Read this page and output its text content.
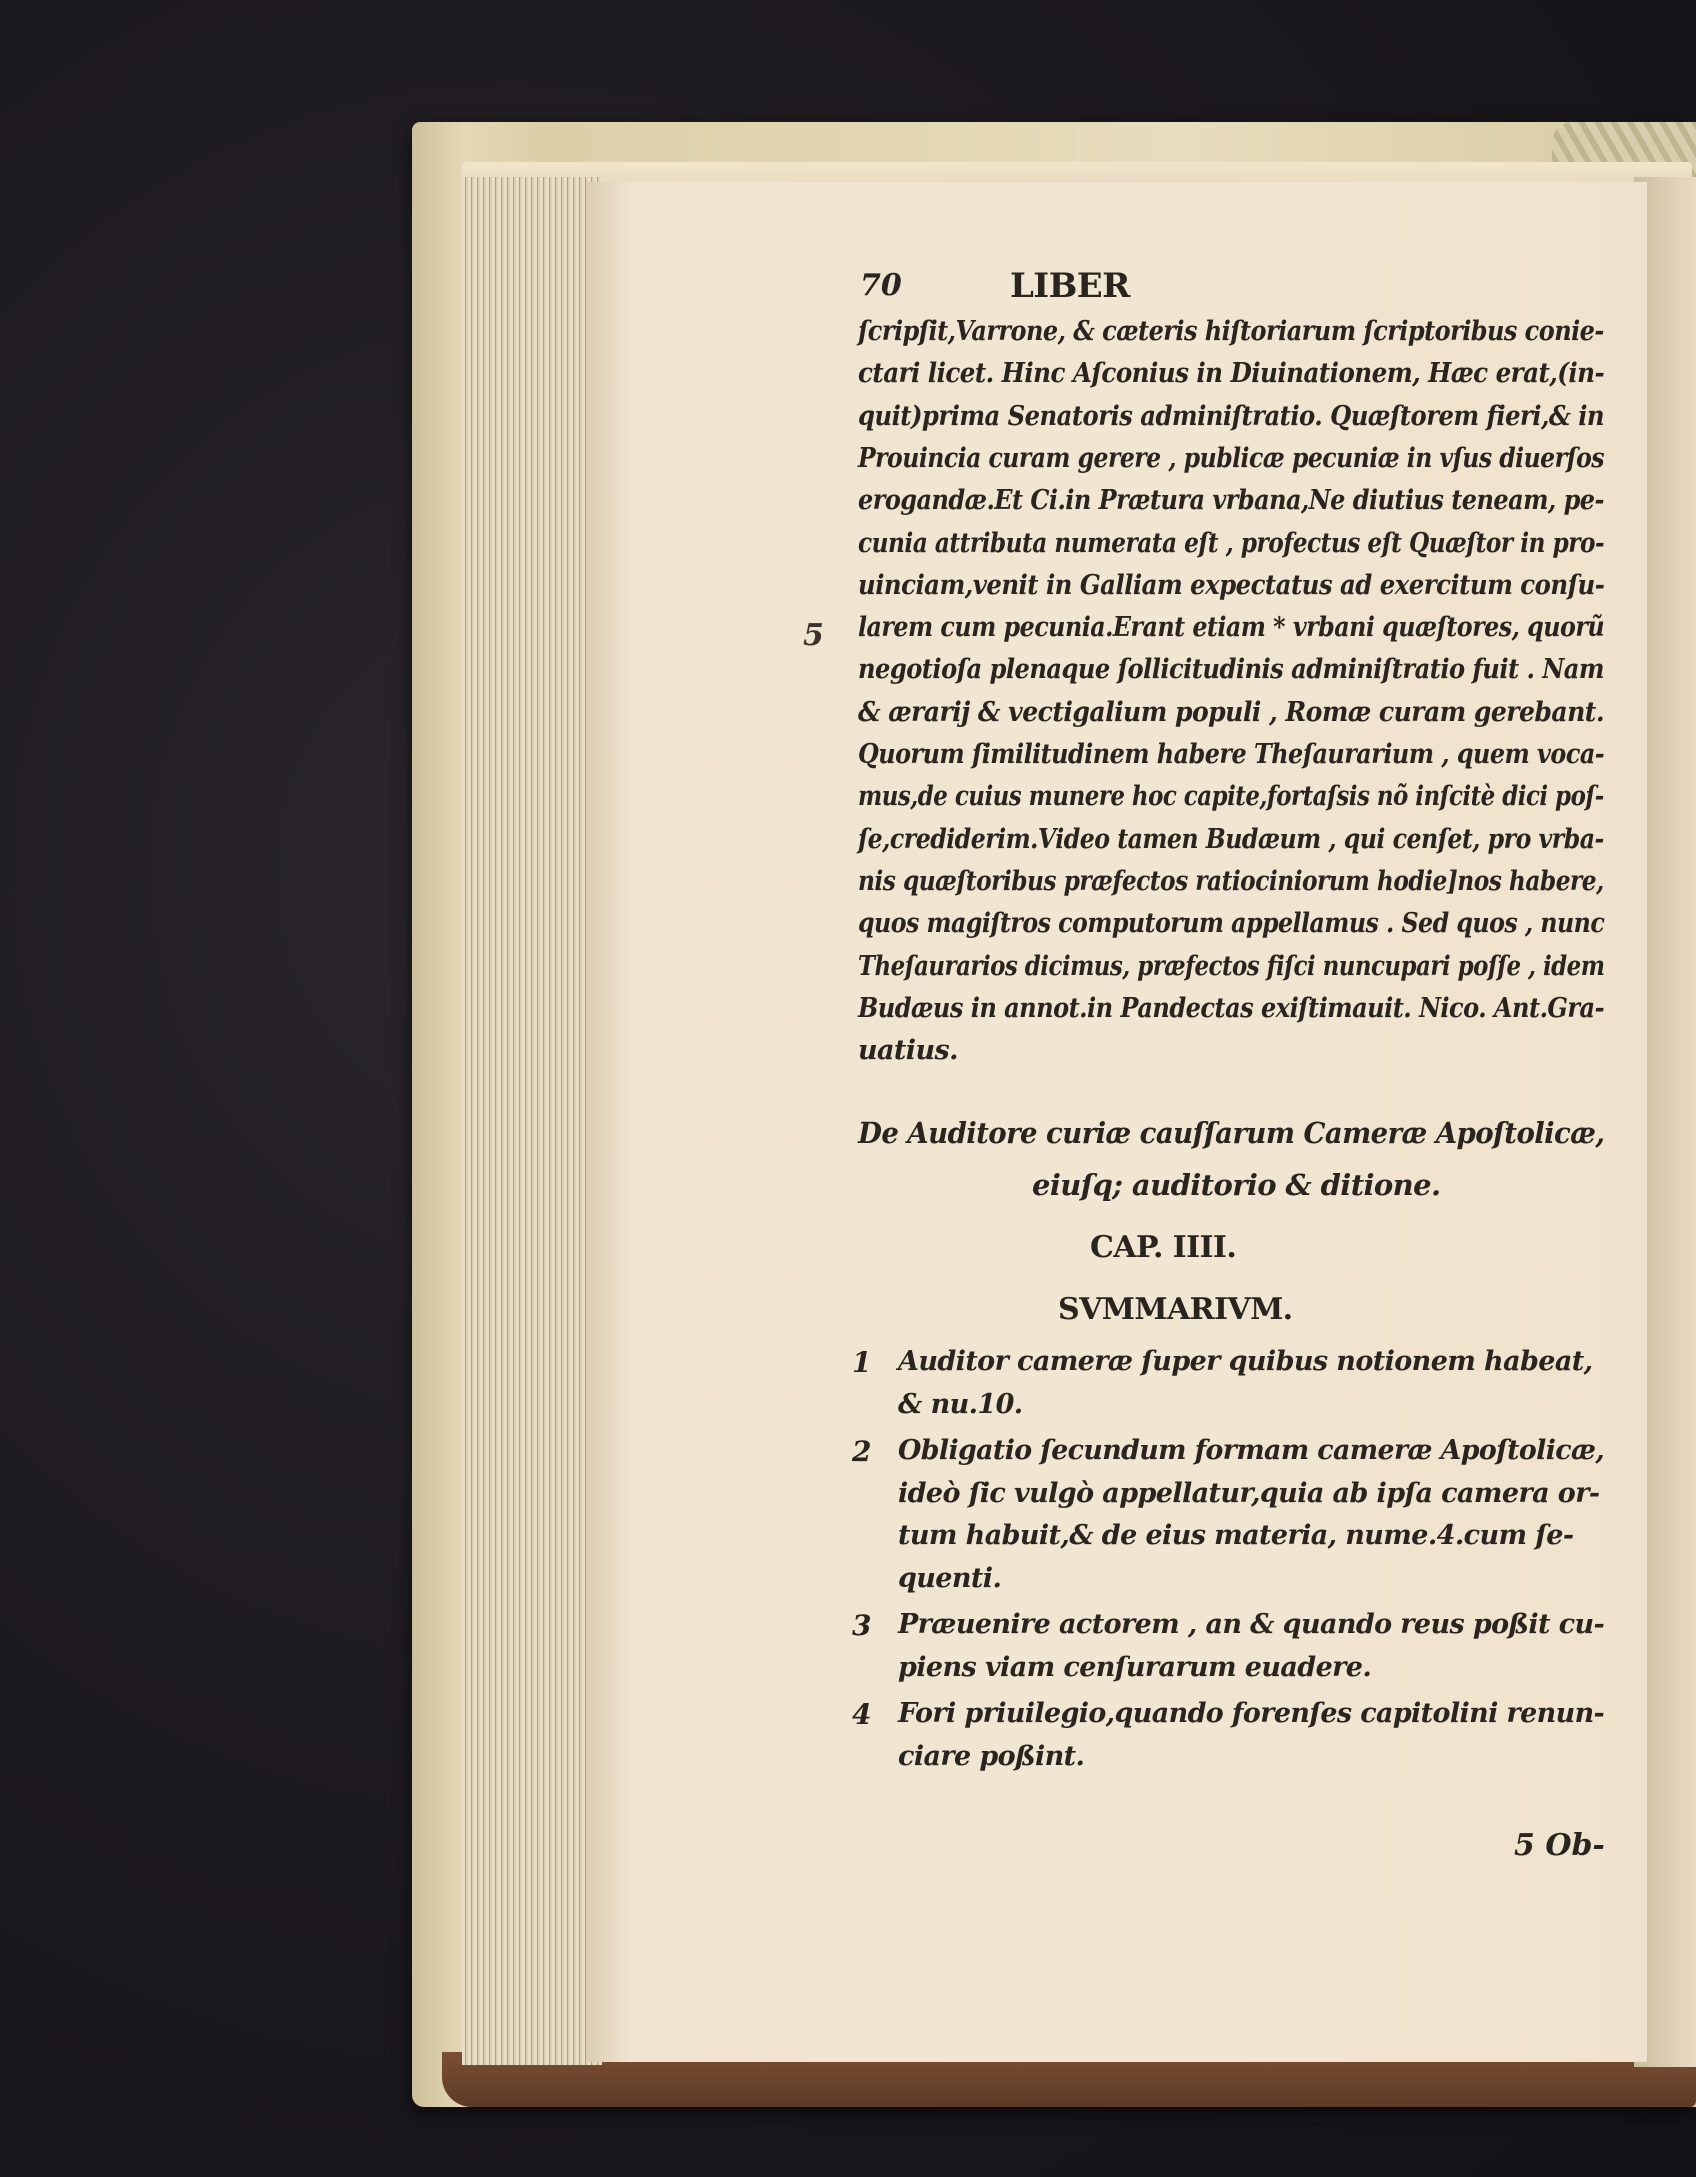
70	LIBER
ſcripſit,Varrone, & cæteris hiſtoriarum ſcriptoribus conie-
ctari licet. Hinc Aſconius in Diuinationem, Hæc erat,(in-
quit)prima Senatoris adminiſtratio. Quæſtorem fieri,& in
Prouincia curam gerere , publicæ pecuniæ in vſus diuerſos
erogandæ.Et Ci.in Prætura vrbana,Ne diutius teneam, pe-
cunia attributa numerata eſt , profectus eſt Quæſtor in pro-
uinciam,venit in Galliam expectatus ad exercitum conſu-
larem cum pecunia.Erant etiam * vrbani quæſtores, quorũ
negotioſa plenaque ſollicitudinis adminiſtratio fuit . Nam
& ærarij & vectigalium populi , Romæ curam gerebant.
Quorum ſimilitudinem habere Theſaurarium , quem voca-
mus,de cuius munere hoc capite,fortaſsis nõ inſcitè dici poſ-
ſe,crediderim.Video tamen Budæum , qui cenſet, pro vrba-
nis quæſtoribus præfectos ratiociniorum hodie]nos habere,
quos magiſtros computorum appellamus . Sed quos , nunc
Theſaurarios dicimus, præfectos fiſci nuncupari poſſe , idem
Budæus in annot.in Pandectas exiſtimauit. Nico. Ant.Gra-
uatius.
5
De Auditore curiæ cauſſarum Cameræ Apoſtolicæ,
eiuſq; auditorio & ditione.
CAP. IIII.
SVMMARIVM.
1 Auditor cameræ ſuper quibus notionem habeat,
& nu.10.
2 Obligatio ſecundum formam cameræ Apoſtolicæ,
ideò ſic vulgò appellatur,quia ab ipſa camera or-
tum habuit,& de eius materia, nume.4.cum ſe-
quenti.
3 Præuenire actorem , an & quando reus poßit cu-
piens viam cenſurarum euadere.
4 Fori priuilegio,quando forenſes capitolini renun-
ciare poßint.
5 Ob-
